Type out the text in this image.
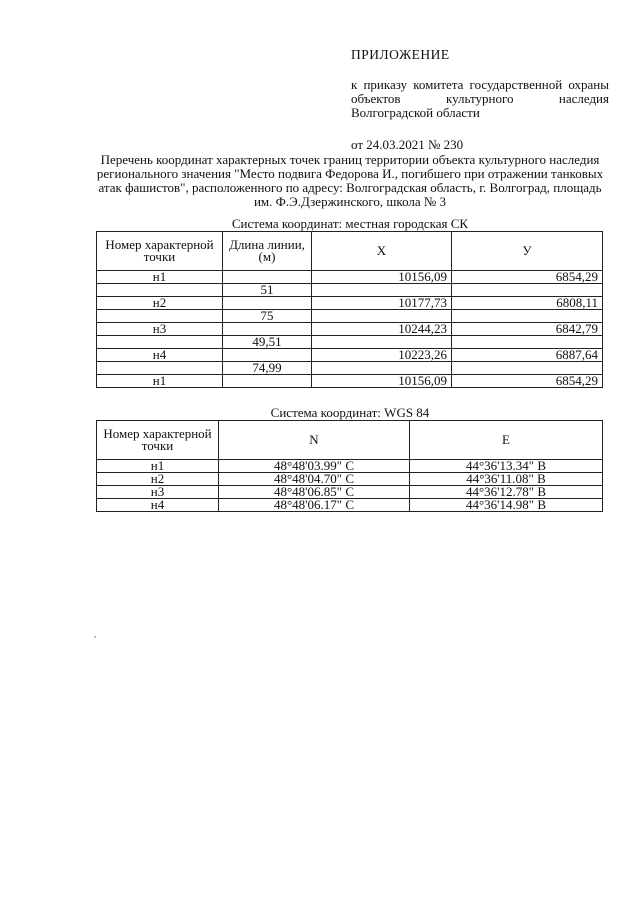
ПРИЛОЖЕНИЕ
к приказу комитета государственной охраны объектов культурного наследия Волгоградской области
от 24.03.2021 № 230
Перечень координат характерных точек границ территории объекта культурного наследия регионального значения "Место подвига Федорова И., погибшего при отражении танковых атак фашистов", расположенного по адресу: Волгоградская область, г. Волгоград, площадь им. Ф.Э.Дзержинского, школа № 3
Система координат: местная городская СК
Номер характерной точки	Длина линии, (м)	X	У
н1		10156,09	6854,29
	51		
н2		10177,73	6808,11
	75		
н3		10244,23	6842,79
	49,51		
н4		10223,26	6887,64
	74,99		
н1		10156,09	6854,29
Система координат: WGS 84
Номер характерной точки	N	E
н1	48°48'03.99" С	44°36'13.34" В
н2	48°48'04.70" С	44°36'11.08" В
н3	48°48'06.85" С	44°36'12.78" В
н4	48°48'06.17" С	44°36'14.98" В
